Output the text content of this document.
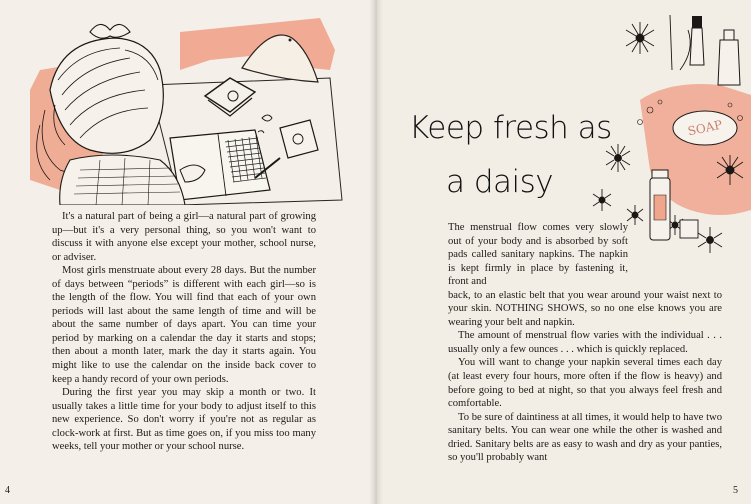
It's a natural part of being a girl—a natural part of growing up—but it's a very personal thing, so you won't want to discuss it with anyone else except your mother, school nurse, or adviser.

Most girls menstruate about every 28 days. But the number of days between “periods” is different with each girl—so is the length of the flow. You will find that each of your own periods will last about the same length of time and will be about the same number of days apart. You can time your period by marking on a calendar the day it starts and stops; then about a month later, mark the day it starts again. You might like to use the calendar on the inside back cover to keep a handy record of your own periods.

During the first year you may skip a month or two. It usually takes a little time for your body to adjust itself to this new experience. So don't worry if you're not as regular as clock-work at first. But as time goes on, if you miss too many weeks, tell your mother or your school nurse.

4
SOAP
5
Keep fresh as
a daisy

The menstrual flow comes very slowly out of your body and is absorbed by soft pads called sanitary napkins. The napkin is kept firmly in place by fastening it, front and
back, to an elastic belt that you wear around your waist next to your skin. NOTHING SHOWS, so no one else knows you are wearing your belt and napkin.

The amount of menstrual flow varies with the individual . . . usually only a few ounces . . . which is quickly replaced.

You will want to change your napkin several times each day (at least every four hours, more often if the flow is heavy) and before going to bed at night, so that you always feel fresh and comfortable.

To be sure of daintiness at all times, it would help to have two sanitary belts. You can wear one while the other is washed and dried. Sanitary belts are as easy to wash and dry as your panties, so you'll probably want
